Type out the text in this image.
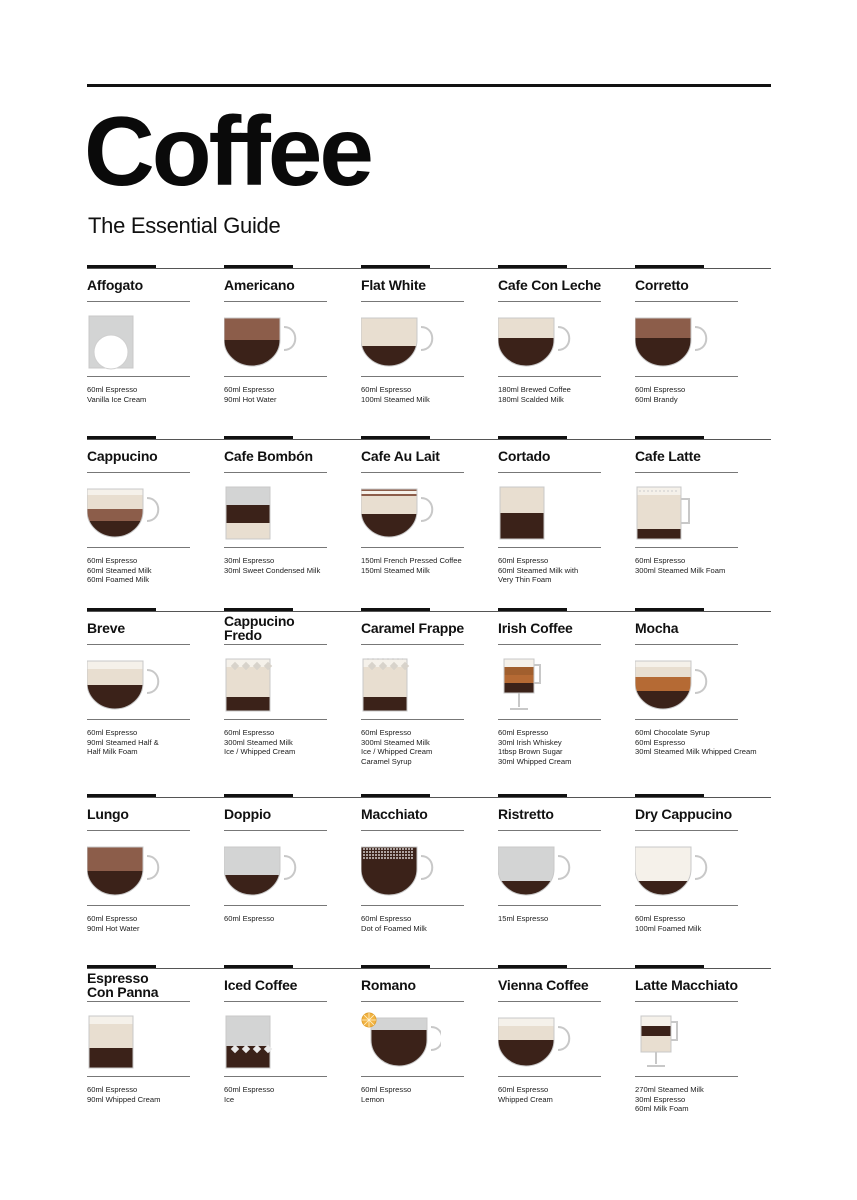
Coffee
The Essential Guide
Affogato
60ml Espresso
Vanilla Ice Cream
Americano
60ml Espresso
90ml Hot Water
Flat White
60ml Espresso
100ml Steamed Milk
Cafe Con Leche
180ml Brewed Coffee
180ml Scalded Milk
Corretto
60ml Espresso
60ml Brandy
Cappucino
60ml Espresso
60ml Steamed Milk
60ml Foamed Milk
Cafe Bombón
30ml Espresso
30ml Sweet Condensed Milk
Cafe Au Lait
150ml French Pressed Coffee
150ml Steamed Milk
Cortado
60ml Espresso
60ml Steamed Milk with
Very Thin Foam
Cafe Latte
60ml Espresso
300ml Steamed Milk Foam
Breve
60ml Espresso
90ml Steamed Half &
Half Milk Foam
Cappucino
Fredo
60ml Espresso
300ml Steamed Milk
Ice / Whipped Cream
Caramel Frappe
60ml Espresso
300ml Steamed Milk
Ice / Whipped Cream
Caramel Syrup
Irish Coffee
60ml Espresso
30ml Irish Whiskey
1tbsp Brown Sugar
30ml Whipped Cream
Mocha
60ml Chocolate Syrup
60ml Espresso
30ml Steamed Milk Whipped Cream
Lungo
60ml Espresso
90ml Hot Water
Doppio
60ml Espresso
Macchiato
60ml Espresso
Dot of Foamed Milk
Ristretto
15ml Espresso
Dry Cappucino
60ml Espresso
100ml Foamed Milk
Espresso
Con Panna
60ml Espresso
90ml Whipped Cream
Iced Coffee
60ml Espresso
Ice
Romano
60ml Espresso
Lemon
Vienna Coffee
60ml Espresso
Whipped Cream
Latte Macchiato
270ml Steamed Milk
30ml Espresso
60ml Milk Foam
